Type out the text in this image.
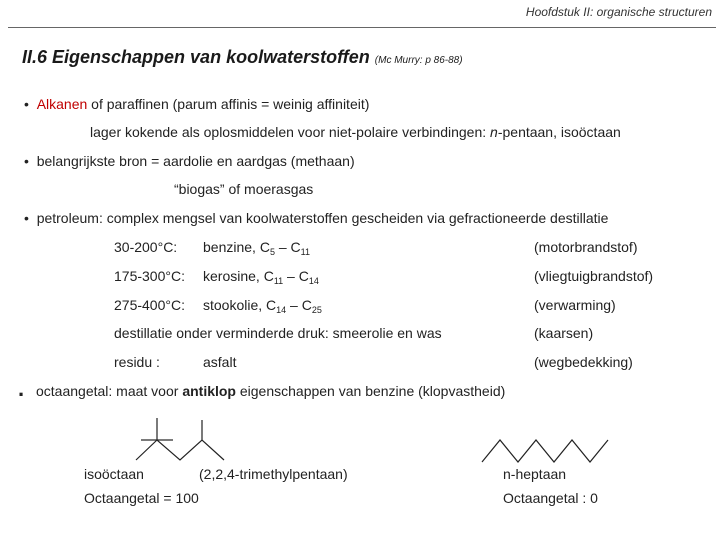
Hoofdstuk II: organische structuren
II.6 Eigenschappen van koolwaterstoffen (Mc Murry: p 86-88)
•  Alkanen of paraffinen (parum affinis = weinig affiniteit)
lager kokende als oplosmiddelen voor niet-polaire verbindingen: n-pentaan, isoöctaan
•  belangrijkste bron = aardolie en aardgas (methaan)
“biogas” of moerasgas
•  petroleum: complex mengsel van koolwaterstoffen gescheiden via gefractioneerde destillatie
30-200°C: benzine, $C_5 - C_{11}$	(motorbrandstof)
175-300°C: kerosine, $C_{11} - C_{14}$	(vliegtuigbrandstof)
275-400°C: stookolie, $C_{14} - C_{25}$	(verwarming)
destillatie onder verminderde druk: smeerolie en was	(kaarsen)
residu :	asfalt	(wegbedekking)
. octaangetal: maat voor antiklop eigenschappen van benzine (klopvastheid)
isoöctaan	(2,2,4-trimethylpentaan)
Octaangetal = 100
n-heptaan
Octaangetal : 0
